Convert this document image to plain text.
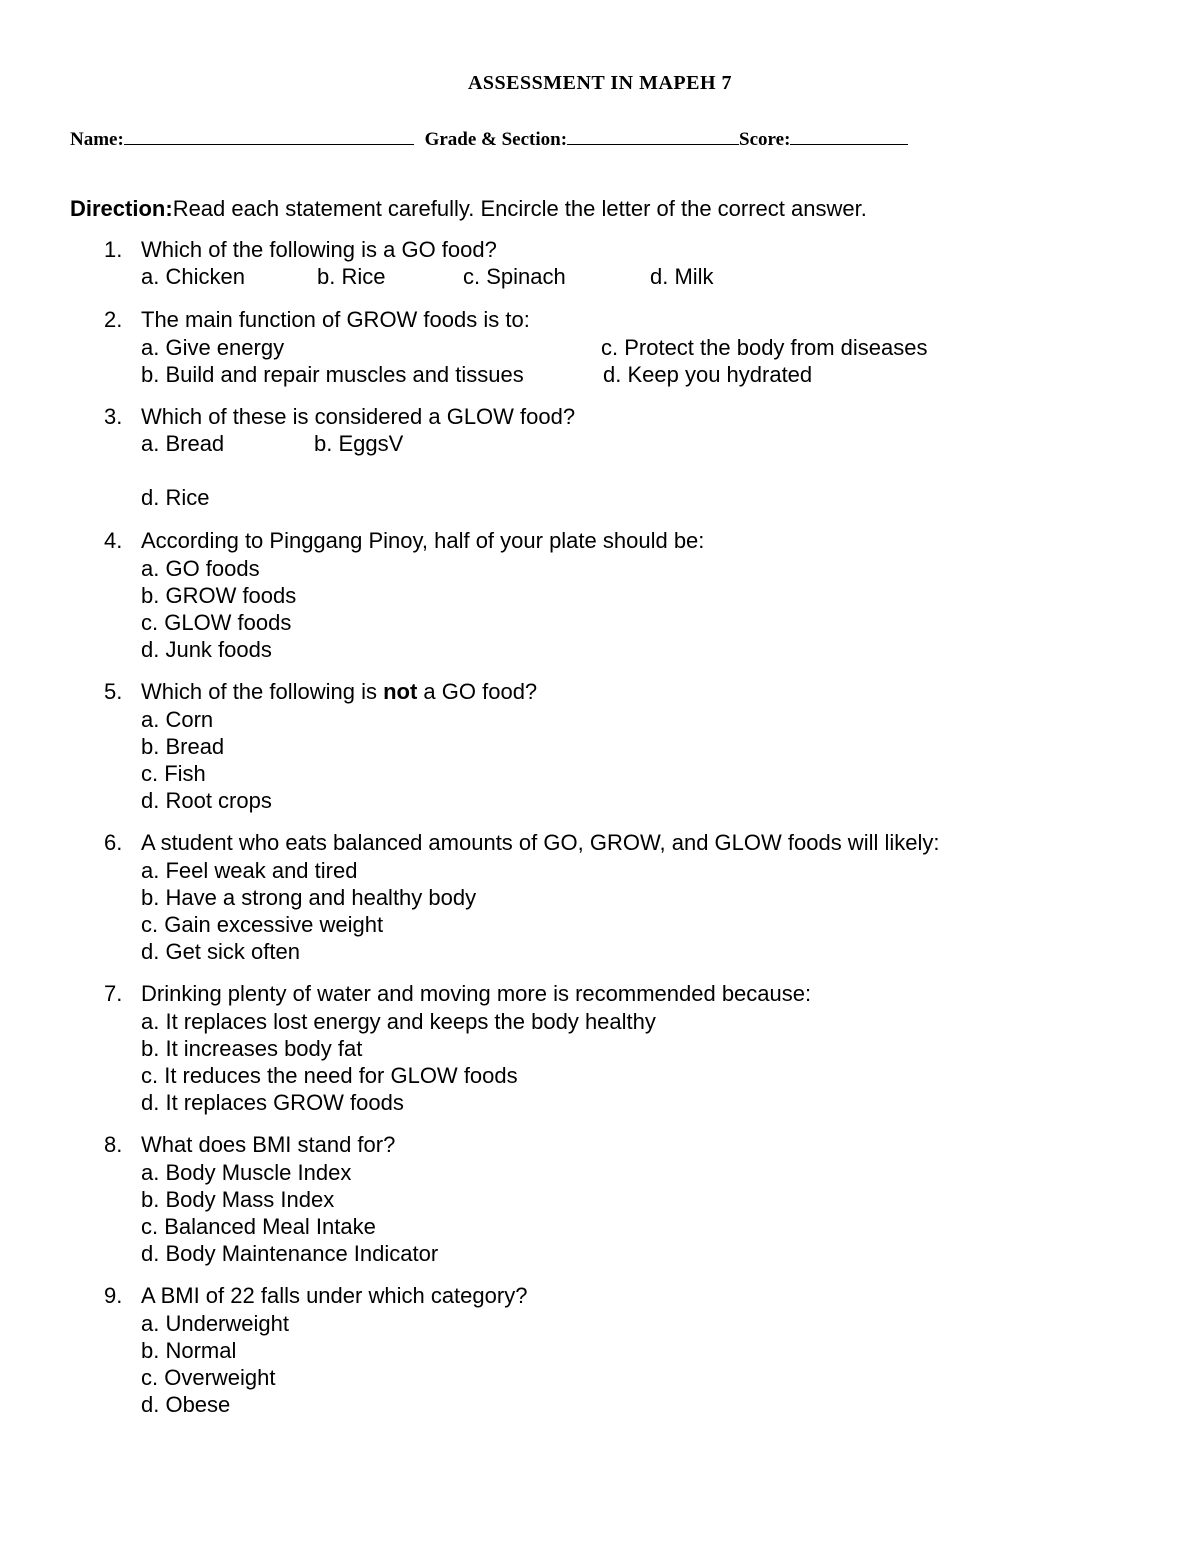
ASSESSMENT IN MAPEH 7
Name:	Grade & Section:	Score:
Direction:Read each statement carefully. Encircle the letter of the correct answer.
1. Which of the following is a GO food?
a. Chicken	b. Rice	c. Spinach	d. Milk
2. The main function of GROW foods is to:
a. Give energy
b. Build and repair muscles and tissues
c. Protect the body from diseases
d. Keep you hydrated
3. Which of these is considered a GLOW food?
a. Bread	b. EggsV
d. Rice
4. According to Pinggang Pinoy, half of your plate should be:
a. GO foods
b. GROW foods
c. GLOW foods
d. Junk foods
5. Which of the following is not a GO food?
a. Corn
b. Bread
c. Fish
d. Root crops
6. A student who eats balanced amounts of GO, GROW, and GLOW foods will likely:
a. Feel weak and tired
b. Have a strong and healthy body
c. Gain excessive weight
d. Get sick often
7. Drinking plenty of water and moving more is recommended because:
a. It replaces lost energy and keeps the body healthy
b. It increases body fat
c. It reduces the need for GLOW foods
d. It replaces GROW foods
8. What does BMI stand for?
a. Body Muscle Index
b. Body Mass Index
c. Balanced Meal Intake
d. Body Maintenance Indicator
9. A BMI of 22 falls under which category?
a. Underweight
b. Normal
c. Overweight
d. Obese
